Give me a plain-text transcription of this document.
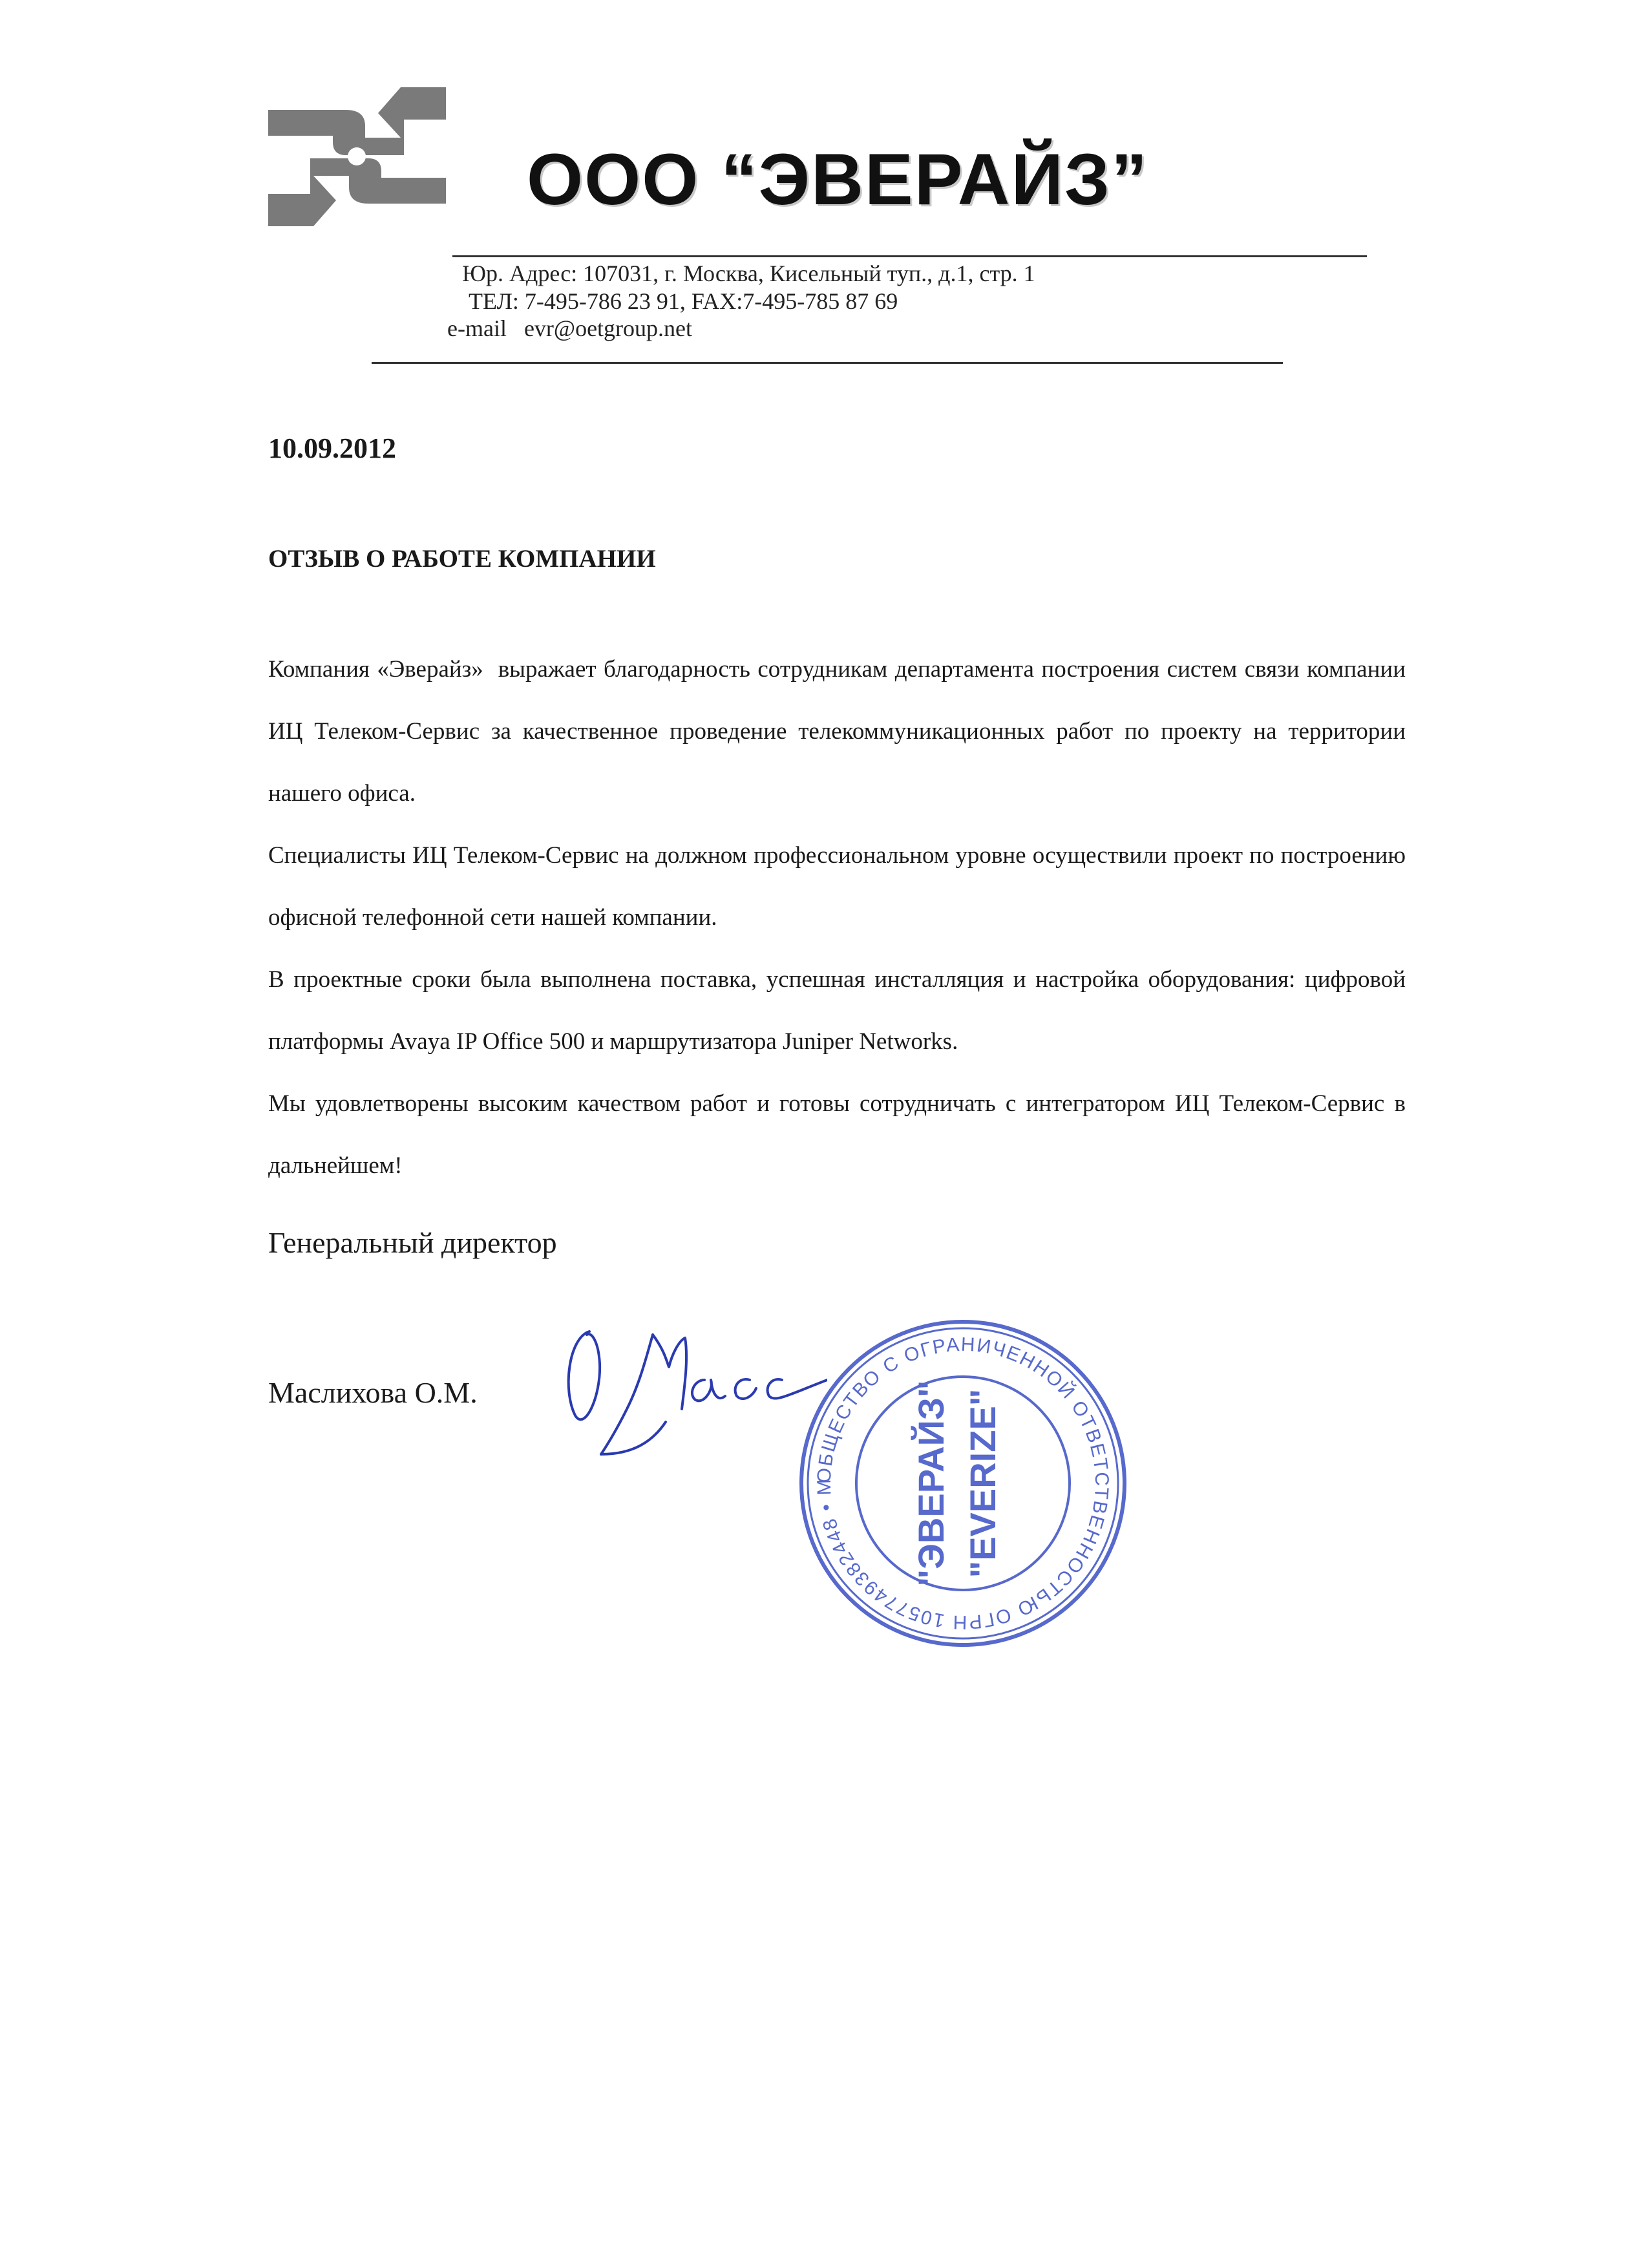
ООО “ЭВЕРАЙЗ”
Юр. Адрес: 107031, г. Москва, Кисельный туп., д.1, стр. 1
ТЕЛ: 7-495-786 23 91, FAX:7-495-785 87 69
e-mail   evr@oetgroup.net
10.09.2012
ОТЗЫВ О РАБОТЕ КОМПАНИИ

Компания «Эверайз»  выражает благодарность сотрудникам департамента построения систем связи компании ИЦ Телеком-Сервис за качественное проведение телекоммуникационных работ по проекту на территории нашего офиса.

Специалисты ИЦ Телеком-Сервис на должном профессиональном уровне осуществили проект по построению офисной телефонной сети нашей компании.

В проектные сроки была выполнена поставка, успешная инсталляция и настройка оборудования: цифровой платформы Avaya IP Office 500 и маршрутизатора Juniper Networks.

Мы удовлетворены высоким качеством работ и готовы сотрудничать с интегратором ИЦ Телеком-Сервис в дальнейшем!

Генеральный директор
Маслихова О.М.
ОБЩЕСТВО С ОГРАНИЧЕННОЙ ОТВЕТСТВЕННОСТЬЮ ОГРН 1057749382448 • М	"ЭВЕРАЙЗ" "EVERIZE"
